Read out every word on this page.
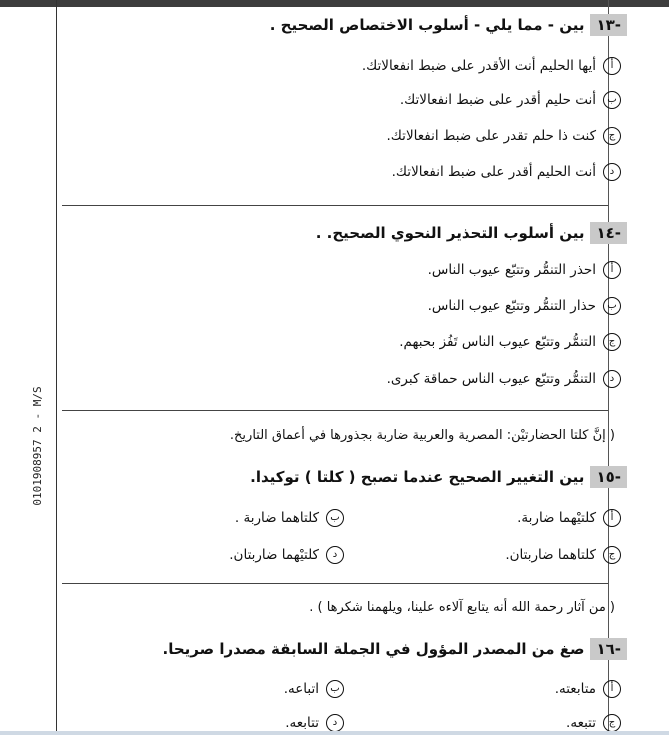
0101908957 2 - M/S
-١٣
بين - مما يلي - أسلوب الاختصاص الصحيح .
أ
أيها الحليم أنت الأقدر على ضبط انفعالاتك.
ب
أنت حليم أقدر على ضبط انفعالاتك.
ج
كنت ذا حلم تقدر على ضبط انفعالاتك.
د
أنت الحليم أقدر على ضبط انفعالاتك.
-١٤
بين أسلوب التحذير النحوي الصحيح. .
أ
احذر التنمُّر وتتبّع عيوب الناس.
ب
حذار التنمُّر وتتبّع عيوب الناس.
ج
التنمُّر وتتبّع عيوب الناس تَفُز بحبهم.
د
التنمُّر وتتبّع عيوب الناس حماقة كبرى.
( إنَّ كلتا الحضارتيْن: المصرية والعربية ضاربة بجذورها في أعماق التاريخ.
-١٥
بين التغيير الصحيح عندما تصبح ( كلتا ) توكيدا.
أ
كلتيْهما ضاربة.
ب
كلتاهما ضاربة .
ج
كلتاهما ضاربتان.
د
كلتيْهما ضاربتان.
( من آثار رحمة الله أنه يتابع آلاءه علينا، ويلهمنا شكرها ) .
-١٦
صغ من المصدر المؤول في الجملة السابقة مصدرا صريحا.
أ
متابعته.
ب
اتباعه.
ج
تتبعه.
د
تتابعه.
